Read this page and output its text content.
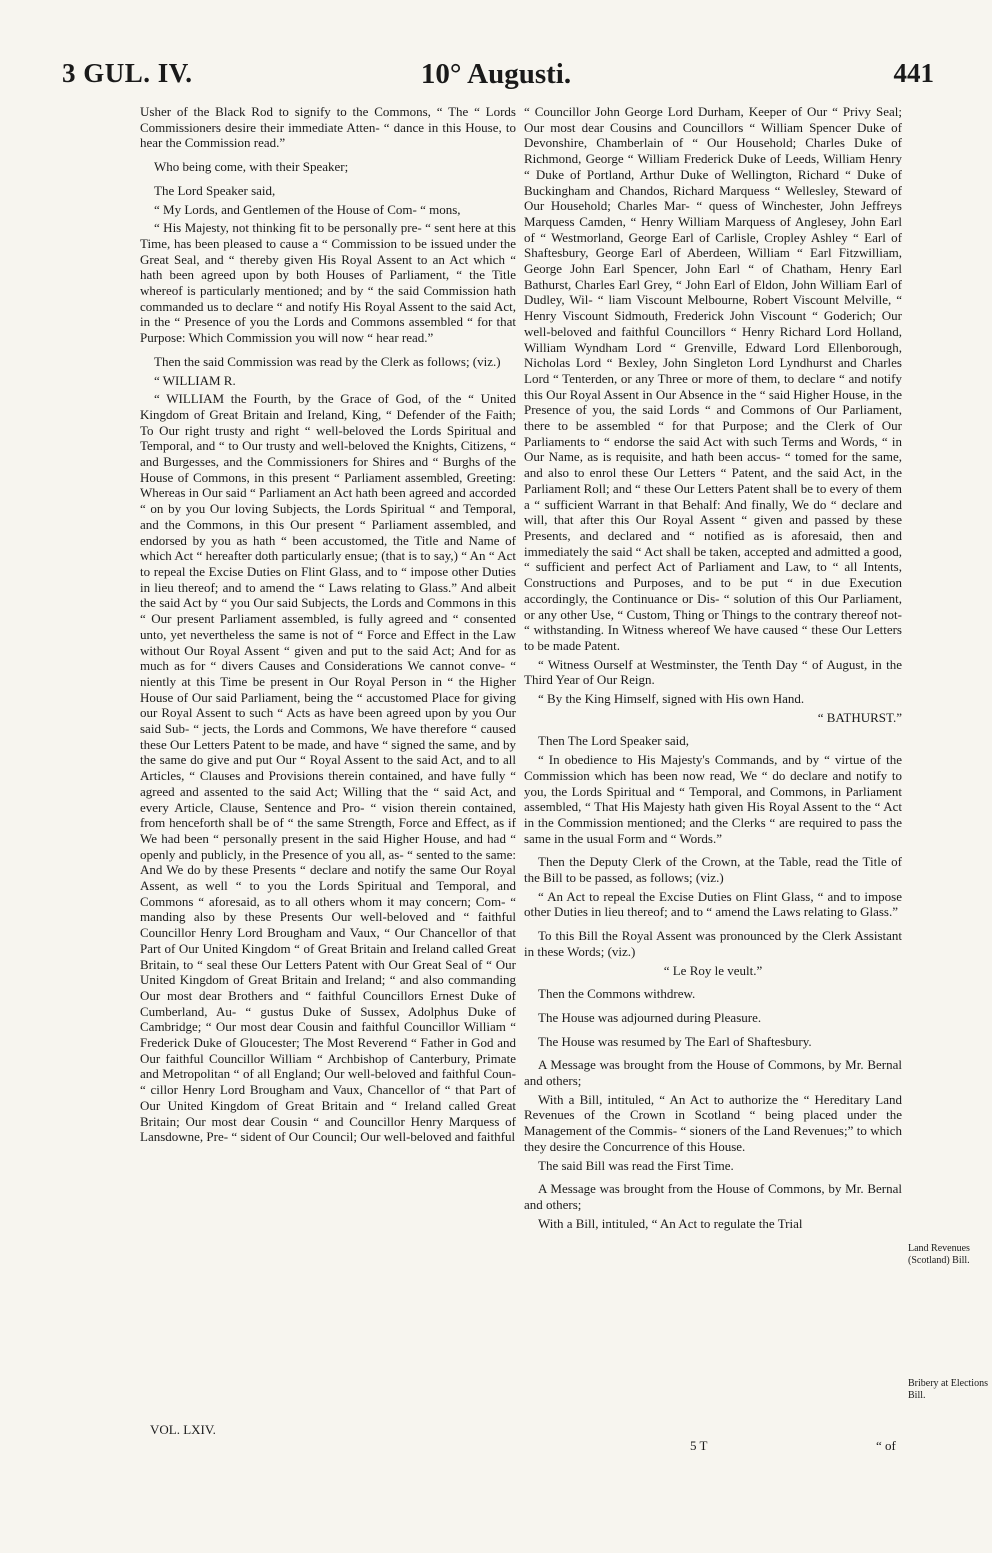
3 GUL. IV.	10° Augusti.	441

Usher of the Black Rod to signify to the Commons, “ The “ Lords Commissioners desire their immediate Atten- “ dance in this House, to hear the Commission read.”

Who being come, with their Speaker;

The Lord Speaker said,

“ My Lords, and Gentlemen of the House of Com- “ mons,

“ His Majesty, not thinking fit to be personally pre- “ sent here at this Time, has been pleased to cause a “ Commission to be issued under the Great Seal, and “ thereby given His Royal Assent to an Act which “ hath been agreed upon by both Houses of Parliament, “ the Title whereof is particularly mentioned; and by “ the said Commission hath commanded us to declare “ and notify His Royal Assent to the said Act, in the “ Presence of you the Lords and Commons assembled “ for that Purpose: Which Commission you will now “ hear read.”

Then the said Commission was read by the Clerk as follows; (viz.)

“ WILLIAM R.

“ WILLIAM the Fourth, by the Grace of God, of the “ United Kingdom of Great Britain and Ireland, King, “ Defender of the Faith; To Our right trusty and right “ well-beloved the Lords Spiritual and Temporal, and “ to Our trusty and well-beloved the Knights, Citizens, “ and Burgesses, and the Commissioners for Shires and “ Burghs of the House of Commons, in this present “ Parliament assembled, Greeting: Whereas in Our said “ Parliament an Act hath been agreed and accorded “ on by you Our loving Subjects, the Lords Spiritual “ and Temporal, and the Commons, in this Our present “ Parliament assembled, and endorsed by you as hath “ been accustomed, the Title and Name of which Act “ hereafter doth particularly ensue; (that is to say,) “ An “ Act to repeal the Excise Duties on Flint Glass, and to “ impose other Duties in lieu thereof; and to amend the “ Laws relating to Glass.” And albeit the said Act by “ you Our said Subjects, the Lords and Commons in this “ Our present Parliament assembled, is fully agreed and “ consented unto, yet nevertheless the same is not of “ Force and Effect in the Law without Our Royal Assent “ given and put to the said Act; And for as much as for “ divers Causes and Considerations We cannot conve- “ niently at this Time be present in Our Royal Person in “ the Higher House of Our said Parliament, being the “ accustomed Place for giving our Royal Assent to such “ Acts as have been agreed upon by you Our said Sub- “ jects, the Lords and Commons, We have therefore “ caused these Our Letters Patent to be made, and have “ signed the same, and by the same do give and put Our “ Royal Assent to the said Act, and to all Articles, “ Clauses and Provisions therein contained, and have fully “ agreed and assented to the said Act; Willing that the “ said Act, and every Article, Clause, Sentence and Pro- “ vision therein contained, from henceforth shall be of “ the same Strength, Force and Effect, as if We had been “ personally present in the said Higher House, and had “ openly and publicly, in the Presence of you all, as- “ sented to the same: And We do by these Presents “ declare and notify the same Our Royal Assent, as well “ to you the Lords Spiritual and Temporal, and Commons “ aforesaid, as to all others whom it may concern; Com- “ manding also by these Presents Our well-beloved and “ faithful Councillor Henry Lord Brougham and Vaux, “ Our Chancellor of that Part of Our United Kingdom “ of Great Britain and Ireland called Great Britain, to “ seal these Our Letters Patent with Our Great Seal of “ Our United Kingdom of Great Britain and Ireland; “ and also commanding Our most dear Brothers and “ faithful Councillors Ernest Duke of Cumberland, Au- “ gustus Duke of Sussex, Adolphus Duke of Cambridge; “ Our most dear Cousin and faithful Councillor William “ Frederick Duke of Gloucester; The Most Reverend “ Father in God and Our faithful Councillor William “ Archbishop of Canterbury, Primate and Metropolitan “ of all England; Our well-beloved and faithful Coun- “ cillor Henry Lord Brougham and Vaux, Chancellor of “ that Part of Our United Kingdom of Great Britain and “ Ireland called Great Britain; Our most dear Cousin “ and Councillor Henry Marquess of Lansdowne, Pre- “ sident of Our Council; Our well-beloved and faithful

“ Councillor John George Lord Durham, Keeper of Our “ Privy Seal; Our most dear Cousins and Councillors “ William Spencer Duke of Devonshire, Chamberlain of “ Our Household; Charles Duke of Richmond, George “ William Frederick Duke of Leeds, William Henry “ Duke of Portland, Arthur Duke of Wellington, Richard “ Duke of Buckingham and Chandos, Richard Marquess “ Wellesley, Steward of Our Household; Charles Mar- “ quess of Winchester, John Jeffreys Marquess Camden, “ Henry William Marquess of Anglesey, John Earl of “ Westmorland, George Earl of Carlisle, Cropley Ashley “ Earl of Shaftesbury, George Earl of Aberdeen, William “ Earl Fitzwilliam, George John Earl Spencer, John Earl “ of Chatham, Henry Earl Bathurst, Charles Earl Grey, “ John Earl of Eldon, John William Earl of Dudley, Wil- “ liam Viscount Melbourne, Robert Viscount Melville, “ Henry Viscount Sidmouth, Frederick John Viscount “ Goderich; Our well-beloved and faithful Councillors “ Henry Richard Lord Holland, William Wyndham Lord “ Grenville, Edward Lord Ellenborough, Nicholas Lord “ Bexley, John Singleton Lord Lyndhurst and Charles Lord “ Tenterden, or any Three or more of them, to declare “ and notify this Our Royal Assent in Our Absence in the “ said Higher House, in the Presence of you, the said Lords “ and Commons of Our Parliament, there to be assembled “ for that Purpose; and the Clerk of Our Parliaments to “ endorse the said Act with such Terms and Words, “ in Our Name, as is requisite, and hath been accus- “ tomed for the same, and also to enrol these Our Letters “ Patent, and the said Act, in the Parliament Roll; and “ these Our Letters Patent shall be to every of them a “ sufficient Warrant in that Behalf: And finally, We do “ declare and will, that after this Our Royal Assent “ given and passed by these Presents, and declared and “ notified as is aforesaid, then and immediately the said “ Act shall be taken, accepted and admitted a good, “ sufficient and perfect Act of Parliament and Law, to “ all Intents, Constructions and Purposes, and to be put “ in due Execution accordingly, the Continuance or Dis- “ solution of this Our Parliament, or any other Use, “ Custom, Thing or Things to the contrary thereof not- “ withstanding. In Witness whereof We have caused “ these Our Letters to be made Patent.

“ Witness Ourself at Westminster, the Tenth Day “ of August, in the Third Year of Our Reign.

“ By the King Himself, signed with His own Hand.

“ BATHURST.”

Then The Lord Speaker said,

“ In obedience to His Majesty's Commands, and by “ virtue of the Commission which has been now read, We “ do declare and notify to you, the Lords Spiritual and “ Temporal, and Commons, in Parliament assembled, “ That His Majesty hath given His Royal Assent to the “ Act in the Commission mentioned; and the Clerks “ are required to pass the same in the usual Form and “ Words.”

Then the Deputy Clerk of the Crown, at the Table, read the Title of the Bill to be passed, as follows; (viz.)

“ An Act to repeal the Excise Duties on Flint Glass, “ and to impose other Duties in lieu thereof; and to “ amend the Laws relating to Glass.”

To this Bill the Royal Assent was pronounced by the Clerk Assistant in these Words; (viz.)

“ Le Roy le veult.”

Then the Commons withdrew.

The House was adjourned during Pleasure.

The House was resumed by The Earl of Shaftesbury.

A Message was brought from the House of Commons, by Mr. Bernal and others;

With a Bill, intituled, “ An Act to authorize the “ Hereditary Land Revenues of the Crown in Scotland “ being placed under the Management of the Commis- “ sioners of the Land Revenues;” to which they desire the Concurrence of this House.

The said Bill was read the First Time.

A Message was brought from the House of Commons, by Mr. Bernal and others;

With a Bill, intituled, “ An Act to regulate the Trial

Land Revenues (Scotland) Bill.
Bribery at Elections Bill.
VOL. LXIV.
5 T	“ of
